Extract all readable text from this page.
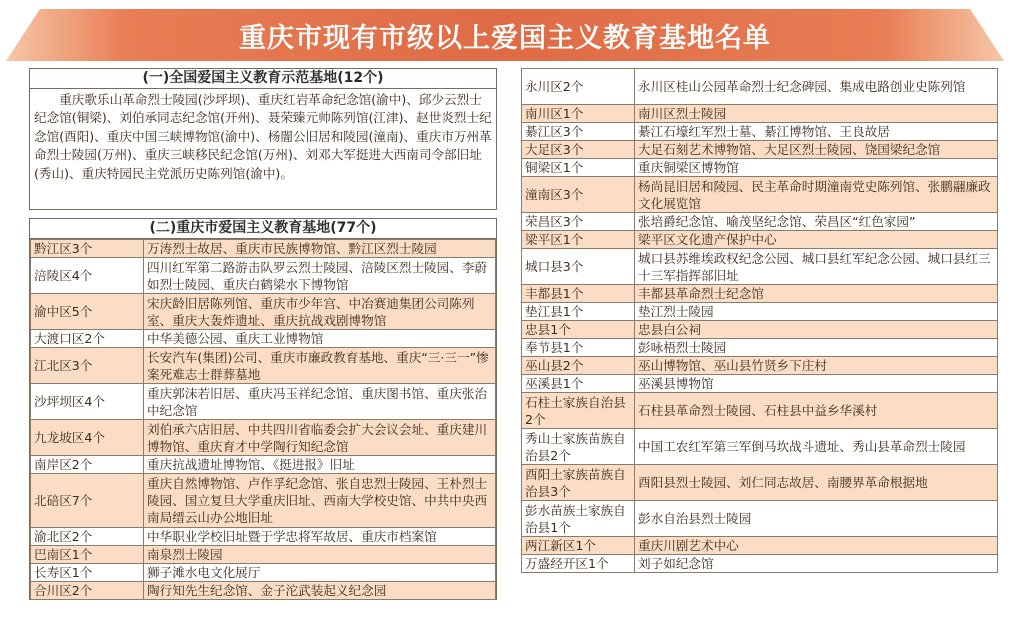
重庆市现有市级以上爱国主义教育基地名单
(一)全国爱国主义教育示范基地(12个)
重庆歌乐山革命烈士陵园(沙坪坝)、重庆红岩革命纪念馆(渝中)、邱少云烈士纪念馆(铜梁)、刘伯承同志纪念馆(开州)、聂荣臻元帅陈列馆(江津)、赵世炎烈士纪念馆(酉阳)、重庆中国三峡博物馆(渝中)、杨闇公旧居和陵园(潼南)、重庆市万州革命烈士陵园(万州)、重庆三峡移民纪念馆(万州)、刘邓大军挺进大西南司令部旧址(秀山)、重庆特园民主党派历史陈列馆(渝中)。
(二)重庆市爱国主义教育基地(77个)
黔江区3个	万涛烈士故居、重庆市民族博物馆、黔江区烈士陵园
涪陵区4个	四川红军第二路游击队罗云烈士陵园、涪陵区烈士陵园、李蔚如烈士陵园、重庆白鹤梁水下博物馆
渝中区5个	宋庆龄旧居陈列馆、重庆市少年宫、中冶赛迪集团公司陈列室、重庆大轰炸遗址、重庆抗战戏剧博物馆
大渡口区2个	中华美德公园、重庆工业博物馆
江北区3个	长安汽车(集团)公司、重庆市廉政教育基地、重庆“三·三一”惨案死难志士群葬墓地
沙坪坝区4个	重庆郭沫若旧居、重庆冯玉祥纪念馆、重庆图书馆、重庆张治中纪念馆
九龙坡区4个	刘伯承六店旧居、中共四川省临委会扩大会议会址、重庆建川博物馆、重庆育才中学陶行知纪念馆
南岸区2个	重庆抗战遗址博物馆、《挺进报》旧址
北碚区7个	重庆自然博物馆、卢作孚纪念馆、张自忠烈士陵园、王朴烈士陵园、国立复旦大学重庆旧址、西南大学校史馆、中共中央西南局缙云山办公地旧址
渝北区2个	中华职业学校旧址暨于学忠将军故居、重庆市档案馆
巴南区1个	南泉烈士陵园
长寿区1个	狮子滩水电文化展厅
合川区2个	陶行知先生纪念馆、金子沱武装起义纪念园
永川区2个	永川区桂山公园革命烈士纪念碑园、集成电路创业史陈列馆
南川区1个	南川区烈士陵园
綦江区3个	綦江石壕红军烈士墓、綦江博物馆、王良故居
大足区3个	大足石刻艺术博物馆、大足区烈士陵园、饶国梁纪念馆
铜梁区1个	重庆铜梁区博物馆
潼南区3个	杨尚昆旧居和陵园、民主革命时期潼南党史陈列馆、张鹏翮廉政文化展览馆
荣昌区3个	张培爵纪念馆、喻茂坚纪念馆、荣昌区“红色家园”
梁平区1个	梁平区文化遗产保护中心
城口县3个	城口县苏维埃政权纪念公园、城口县红军纪念公园、城口县红三十三军指挥部旧址
丰都县1个	丰都县革命烈士纪念馆
垫江县1个	垫江烈士陵园
忠县1个	忠县白公祠
奉节县1个	彭咏梧烈士陵园
巫山县2个	巫山博物馆、巫山县竹贤乡下庄村
巫溪县1个	巫溪县博物馆
石柱土家族自治县2个	石柱县革命烈士陵园、石柱县中益乡华溪村
秀山土家族苗族自治县2个	中国工农红军第三军倒马坎战斗遗址、秀山县革命烈士陵园
酉阳土家族苗族自治县3个	酉阳县烈士陵园、刘仁同志故居、南腰界革命根据地
彭水苗族土家族自治县1个	彭水自治县烈士陵园
两江新区1个	重庆川剧艺术中心
万盛经开区1个	刘子如纪念馆
